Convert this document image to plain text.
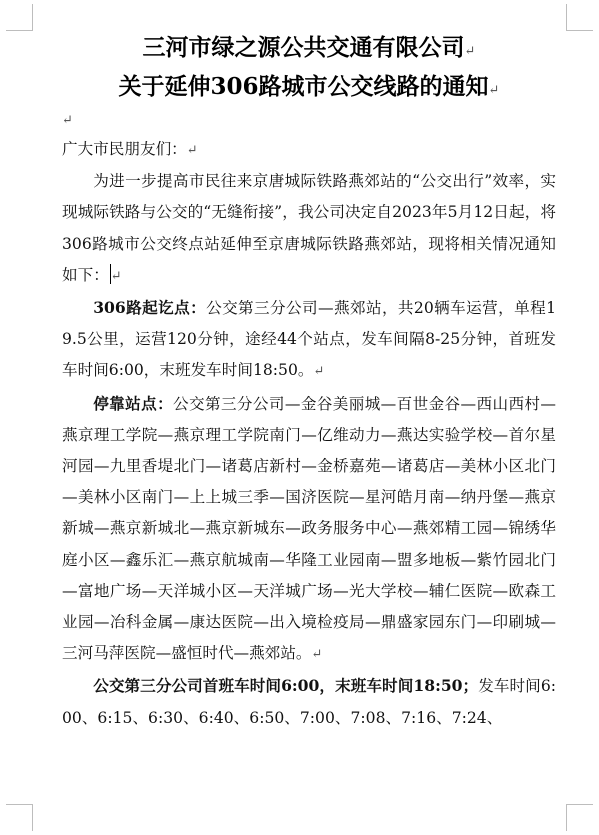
三河市绿之源公共交通有限公司↵

关于延伸306路城市公交线路的通知↵

↵

广大市民朋友们：↵

为进一步提高市民往来京唐城际铁路燕郊站的“公交出行”效率，实现城际铁路与公交的“无缝衔接”，我公司决定自2023年5月12日起，将306路城市公交终点站延伸至京唐城际铁路燕郊站，现将相关情况通知如下： ↵

306路起讫点：公交第三分公司—燕郊站，共20辆车运营，单程19.5公里，运营120分钟，途经44个站点，发车间隔8-25分钟，首班发车时间6:00，末班发车时间18:50。↵

停靠站点：公交第三分公司—金谷美丽城—百世金谷—西山西村—燕京理工学院—燕京理工学院南门—亿维动力—燕达实验学校—首尔星河园—九里香堤北门—诸葛店新村—金桥嘉苑—诸葛店—美林小区北门—美林小区南门—上上城三季—国济医院—星河皓月南—纳丹堡—燕京新城—燕京新城北—燕京新城东—政务服务中心—燕郊精工园—锦绣华庭小区—鑫乐汇—燕京航城南—华隆工业园南—盟多地板—紫竹园北门—富地广场—天洋城小区—天洋城广场—光大学校—辅仁医院—欧森工业园—冶科金属—康达医院—出入境检疫局—鼎盛家园东门—印刷城—三河马萍医院—盛恒时代—燕郊站。↵

公交第三分公司首班车时间6:00，末班车时间18:50；发车时间6:00、6:15、6:30、6:40、6:50、7:00、7:08、7:16、7:24、
